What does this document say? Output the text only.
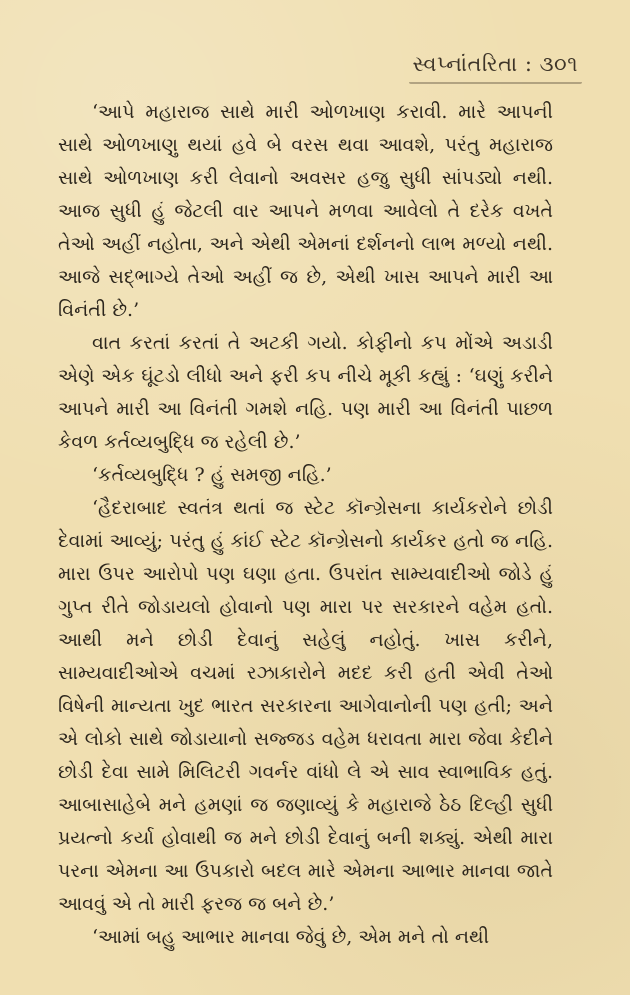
સ્વપ્નાંતરિતા : ૩૦૧

‘આપે મહારાજ સાથે મારી ઓળખાણ કરાવી. મારે આપની સાથે ઓળખાણુ થયાં હવે બે વરસ થવા આવશે, પરંતુ મહારાજ સાથે ઓળખાણ કરી લેવાનો અવસર હજુ સુધી સાંપડ્યો નથી. આજ સુધી હું જેટલી વાર આપને મળવા આવેલો તે દરેક વખતે તેઓ અહીં નહોતા, અને એથી એમનાં દર્શનનો લાભ મળ્યો નથી. આજે સદ્ભાગ્યે તેઓ અહીં જ છે, એથી ખાસ આપને મારી આ વિનંતી છે.’

વાત કરતાં કરતાં તે અટકી ગયો. કોફીનો કપ મોંએ અડાડી એણે એક ઘૂંટડો લીધો અને ફરી કપ નીચે મૂકી કહ્યું : ‘ઘણું કરીને આપને મારી આ વિનંતી ગમશે નહિ. પણ મારી આ વિનંતી પાછળ કેવળ કર્તવ્યબુદ્ધિ જ રહેલી છે.’

‘કર્તવ્યબુદ્ધિ ? હું સમજી નહિ.’

‘હૈદરાબાદ સ્વતંત્ર થતાં જ સ્ટેટ કૉન્ગ્રેસના કાર્યકરોને છોડી દેવામાં આવ્યું; પરંતુ હું કાંઈ સ્ટેટ કૉન્ગ્રેસનો કાર્યકર હતો જ નહિ. મારા ઉપર આરોપો પણ ઘણા હતા. ઉપરાંત સામ્યવાદીઓ જોડે હું ગુપ્ત રીતે જોડાયલો હોવાનો પણ મારા પર સરકારને વહેમ હતો. આથી મને છોડી દેવાનું સહેલું નહોતું. ખાસ કરીને, સામ્યવાદીઓએ વચમાં રઝાકારોને મદદ કરી હતી એવી તેઓ વિષેની માન્યતા ખુદ ભારત સરકારના આગેવાનોની પણ હતી; અને એ લોકો સાથે જોડાયાનો સજ્જડ વહેમ ધરાવતા મારા જેવા કેદીને છોડી દેવા સામે મિલિટરી ગવર્નર વાંધો લે એ સાવ સ્વાભાવિક હતું. આબાસાહેબે મને હમણાં જ જણાવ્યું કે મહારાજે ઠેઠ દિલ્હી સુધી પ્રયત્નો કર્યા હોવાથી જ મને છોડી દેવાનું બની શક્યું. એથી મારા પરના એમના આ ઉપકારો બદલ મારે એમના આભાર માનવા જાતે આવવું એ તો મારી ફરજ જ બને છે.’

‘આમાં બહુ આભાર માનવા જેવું છે, એમ મને તો નથી
